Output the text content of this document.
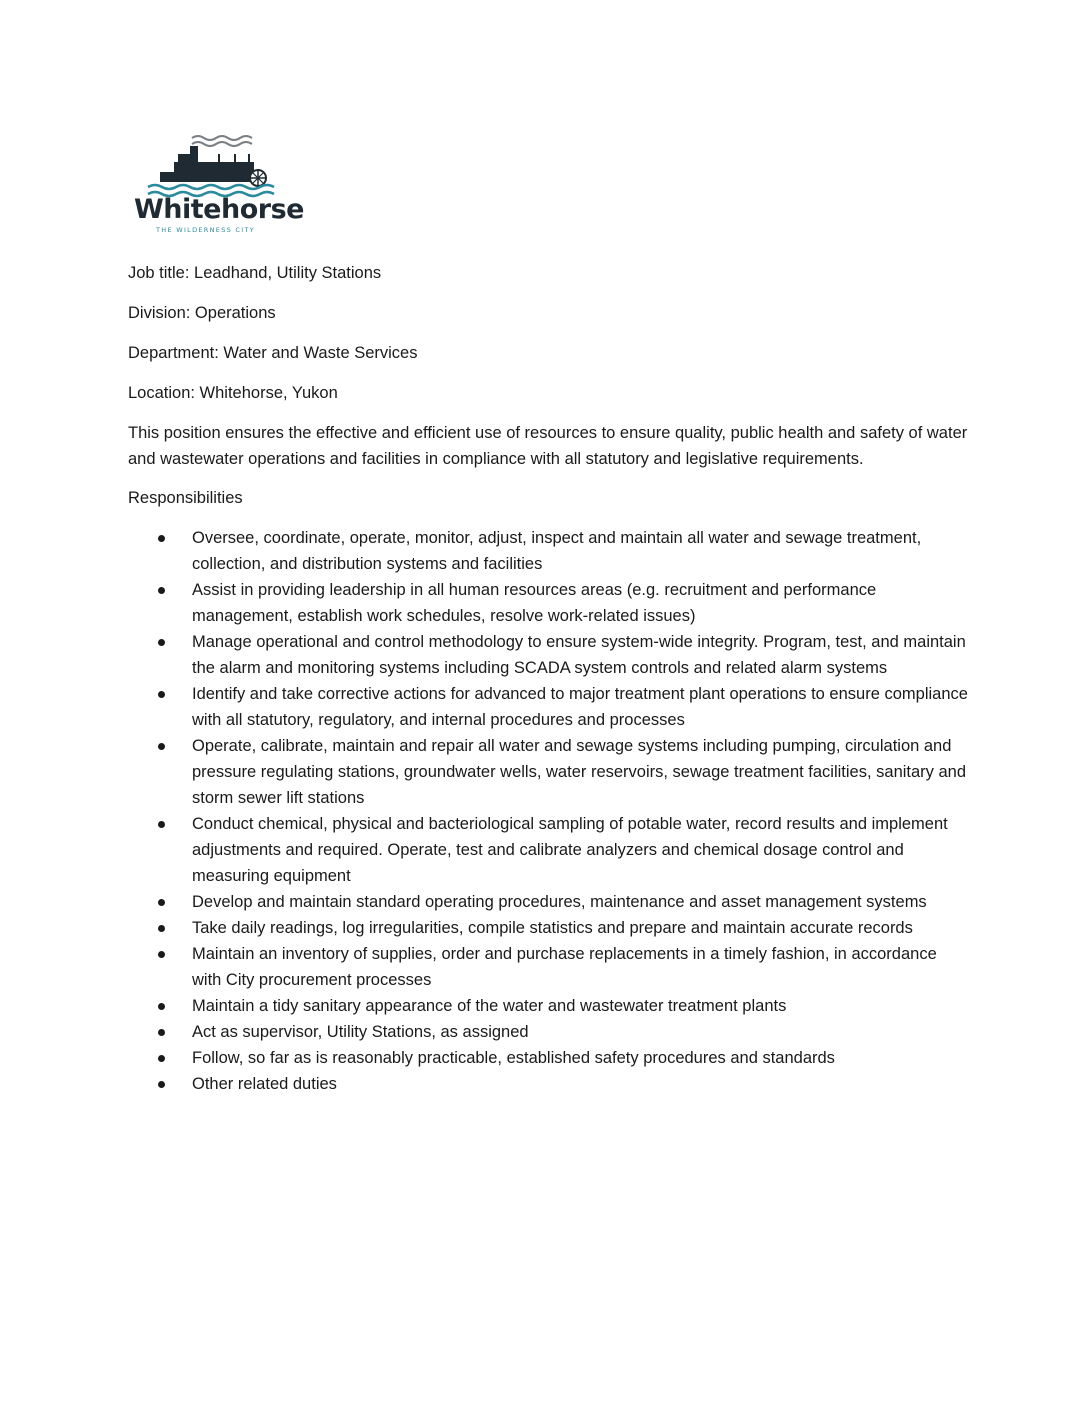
Whitehorse
THE WILDERNESS CITY

Job title: Leadhand, Utility Stations

Division: Operations

Department: Water and Waste Services

Location: Whitehorse, Yukon

This position ensures the effective and efficient use of resources to ensure quality, public health and safety of water and wastewater operations and facilities in compliance with all statutory and legislative requirements.

Responsibilities

Oversee, coordinate, operate, monitor, adjust, inspect and maintain all water and sewage treatment, collection, and distribution systems and facilities
Assist in providing leadership in all human resources areas (e.g. recruitment and performance management, establish work schedules, resolve work-related issues)
Manage operational and control methodology to ensure system-wide integrity. Program, test, and maintain the alarm and monitoring systems including SCADA system controls and related alarm systems
Identify and take corrective actions for advanced to major treatment plant operations to ensure compliance with all statutory, regulatory, and internal procedures and processes
Operate, calibrate, maintain and repair all water and sewage systems including pumping, circulation and pressure regulating stations, groundwater wells, water reservoirs, sewage treatment facilities, sanitary and storm sewer lift stations
Conduct chemical, physical and bacteriological sampling of potable water, record results and implement adjustments and required. Operate, test and calibrate analyzers and chemical dosage control and measuring equipment
Develop and maintain standard operating procedures, maintenance and asset management systems
Take daily readings, log irregularities, compile statistics and prepare and maintain accurate records
Maintain an inventory of supplies, order and purchase replacements in a timely fashion, in accordance with City procurement processes
Maintain a tidy sanitary appearance of the water and wastewater treatment plants
Act as supervisor, Utility Stations, as assigned
Follow, so far as is reasonably practicable, established safety procedures and standards
Other related duties
